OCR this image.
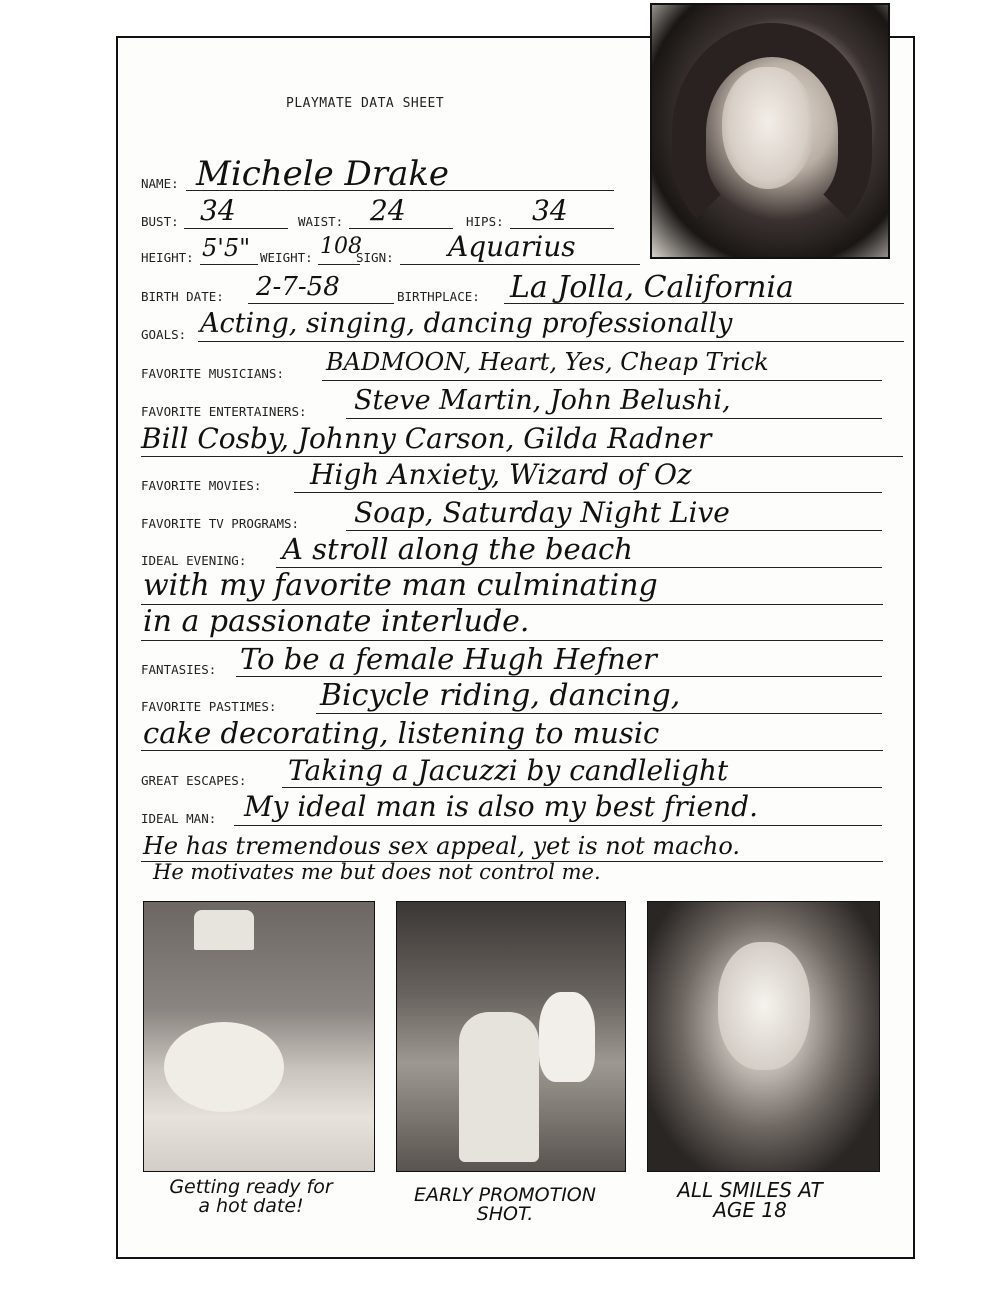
PLAYMATE DATA SHEET
NAME: Michele Drake
BUST: 34	WAIST: 24	HIPS: 34
HEIGHT: 5'5" WEIGHT: 108
SIGN: Aquarius
BIRTH DATE: 2-7-58	BIRTHPLACE: La Jolla, California
GOALS: Acting, singing, dancing professionally
FAVORITE MUSICIANS: BADMOON, Heart, Yes, Cheap Trick
FAVORITE ENTERTAINERS: Steve Martin, John Belushi,
Bill Cosby, Johnny Carson, Gilda Radner
FAVORITE MOVIES: High Anxiety, Wizard of Oz
FAVORITE TV PROGRAMS: Soap, Saturday Night Live
IDEAL EVENING: A stroll along the beach
with my favorite man culminating
in a passionate interlude.
FANTASIES: To be a female Hugh Hefner
FAVORITE PASTIMES: Bicycle riding, dancing,
cake decorating, listening to music
GREAT ESCAPES: Taking a Jacuzzi by candlelight
IDEAL MAN: My ideal man is also my best friend.
He has tremendous sex appeal, yet is not macho.
He motivates me but does not control me.
Getting ready for
a hot date!	EARLY PROMOTION
SHOT.
ALL SMILES AT
AGE 18
